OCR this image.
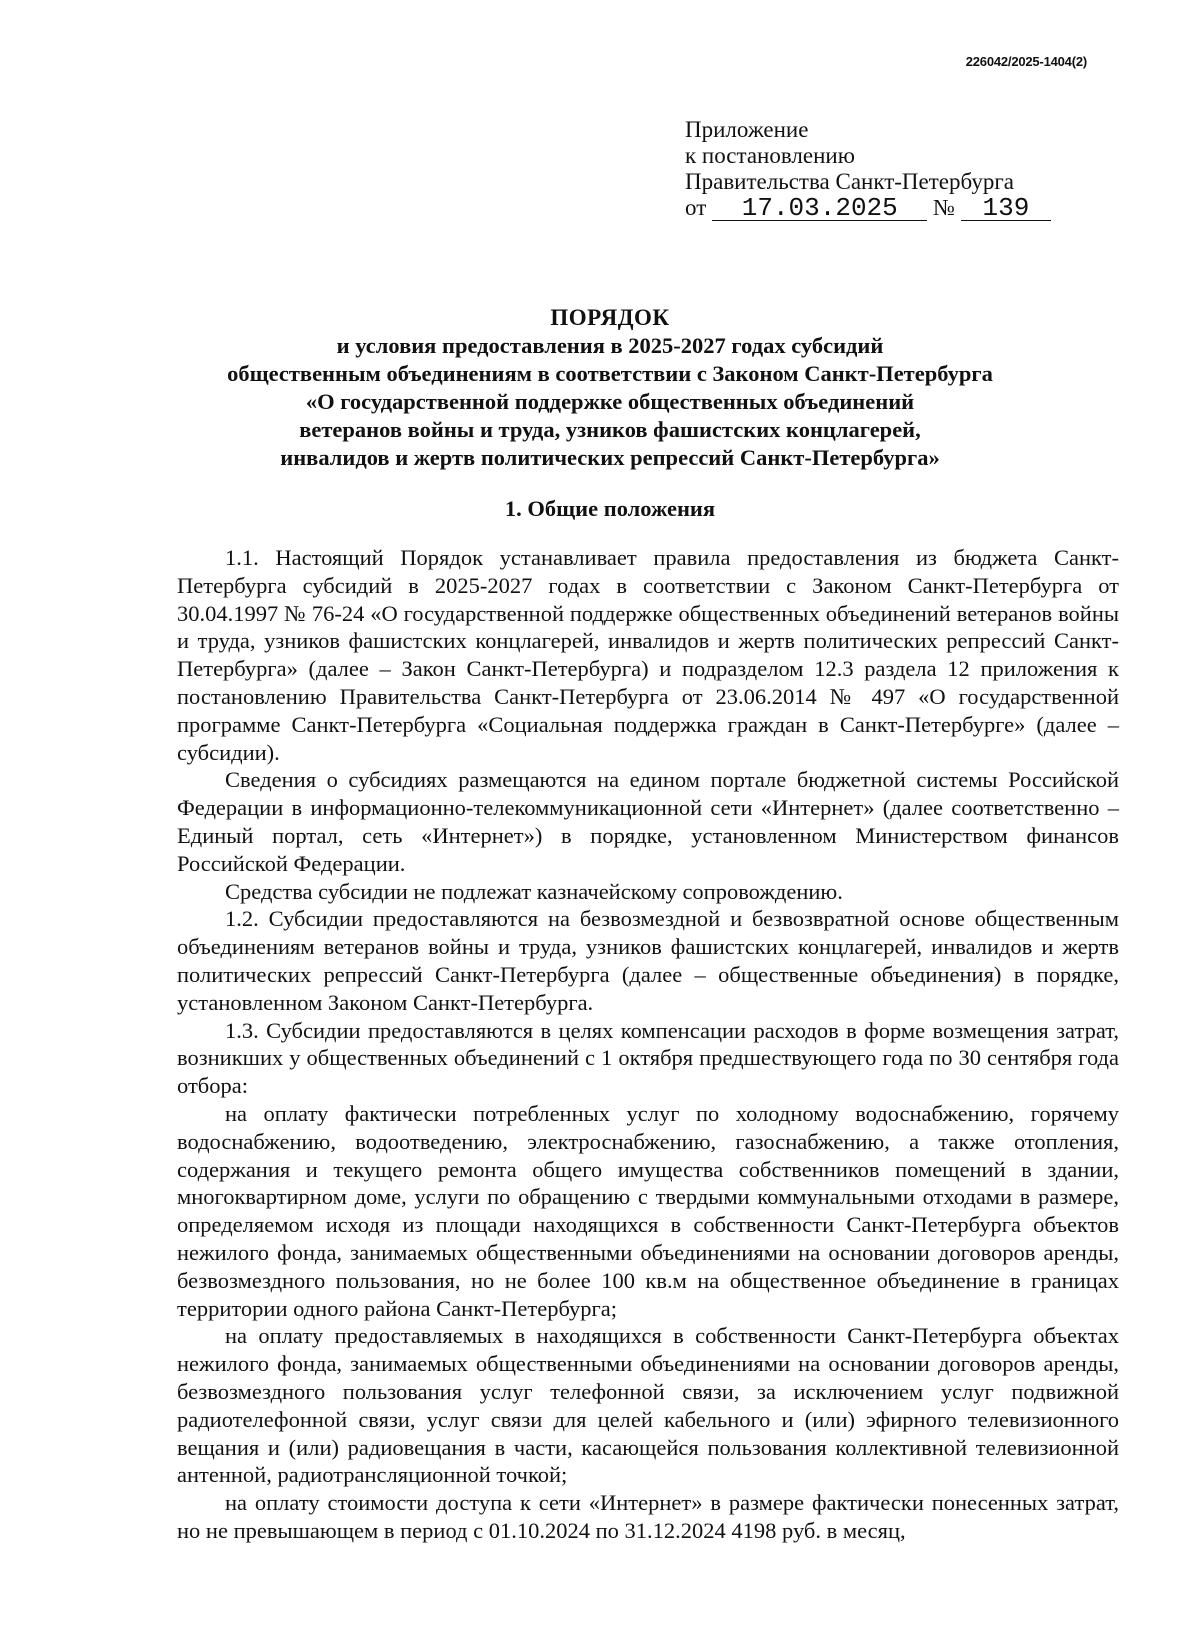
226042/2025-1404(2)
Приложение
к постановлению
Правительства Санкт-Петербурга
от 17.03.2025 № 139
ПОРЯДОК
и условия предоставления в 2025-2027 годах субсидий
общественным объединениям в соответствии с Законом Санкт-Петербурга
«О государственной поддержке общественных объединений
ветеранов войны и труда, узников фашистских концлагерей,
инвалидов и жертв политических репрессий Санкт-Петербурга»
1. Общие положения

1.1. Настоящий Порядок устанавливает правила предоставления из бюджета Санкт-Петербурга субсидий в 2025-2027 годах в соответствии с Законом Санкт-Петербурга от 30.04.1997 № 76-24 «О государственной поддержке общественных объединений ветеранов войны и труда, узников фашистских концлагерей, инвалидов и жертв политических репрессий Санкт-Петербурга» (далее – Закон Санкт-Петербурга) и подразделом 12.3 раздела 12 приложения к постановлению Правительства Санкт-Петербурга от 23.06.2014 № 497 «О государственной программе Санкт-Петербурга «Социальная поддержка граждан в Санкт-Петербурге» (далее – субсидии).

Сведения о субсидиях размещаются на едином портале бюджетной системы Российской Федерации в информационно-телекоммуникационной сети «Интернет» (далее соответственно – Единый портал, сеть «Интернет») в порядке, установленном Министерством финансов Российской Федерации.

Средства субсидии не подлежат казначейскому сопровождению.

1.2. Субсидии предоставляются на безвозмездной и безвозвратной основе общественным объединениям ветеранов войны и труда, узников фашистских концлагерей, инвалидов и жертв политических репрессий Санкт-Петербурга (далее – общественные объединения) в порядке, установленном Законом Санкт-Петербурга.

1.3. Субсидии предоставляются в целях компенсации расходов в форме возмещения затрат, возникших у общественных объединений с 1 октября предшествующего года по 30 сентября года отбора:

на оплату фактически потребленных услуг по холодному водоснабжению, горячему водоснабжению, водоотведению, электроснабжению, газоснабжению, а также отопления, содержания и текущего ремонта общего имущества собственников помещений в здании, многоквартирном доме, услуги по обращению с твердыми коммунальными отходами в размере, определяемом исходя из площади находящихся в собственности Санкт-Петербурга объектов нежилого фонда, занимаемых общественными объединениями на основании договоров аренды, безвозмездного пользования, но не более 100 кв.м на общественное объединение в границах территории одного района Санкт-Петербурга;

на оплату предоставляемых в находящихся в собственности Санкт-Петербурга объектах нежилого фонда, занимаемых общественными объединениями на основании договоров аренды, безвозмездного пользования услуг телефонной связи, за исключением услуг подвижной радиотелефонной связи, услуг связи для целей кабельного и (или) эфирного телевизионного вещания и (или) радиовещания в части, касающейся пользования коллективной телевизионной антенной, радиотрансляционной точкой;

на оплату стоимости доступа к сети «Интернет» в размере фактически понесенных затрат, но не превышающем в период с 01.10.2024 по 31.12.2024 4198 руб. в месяц,
